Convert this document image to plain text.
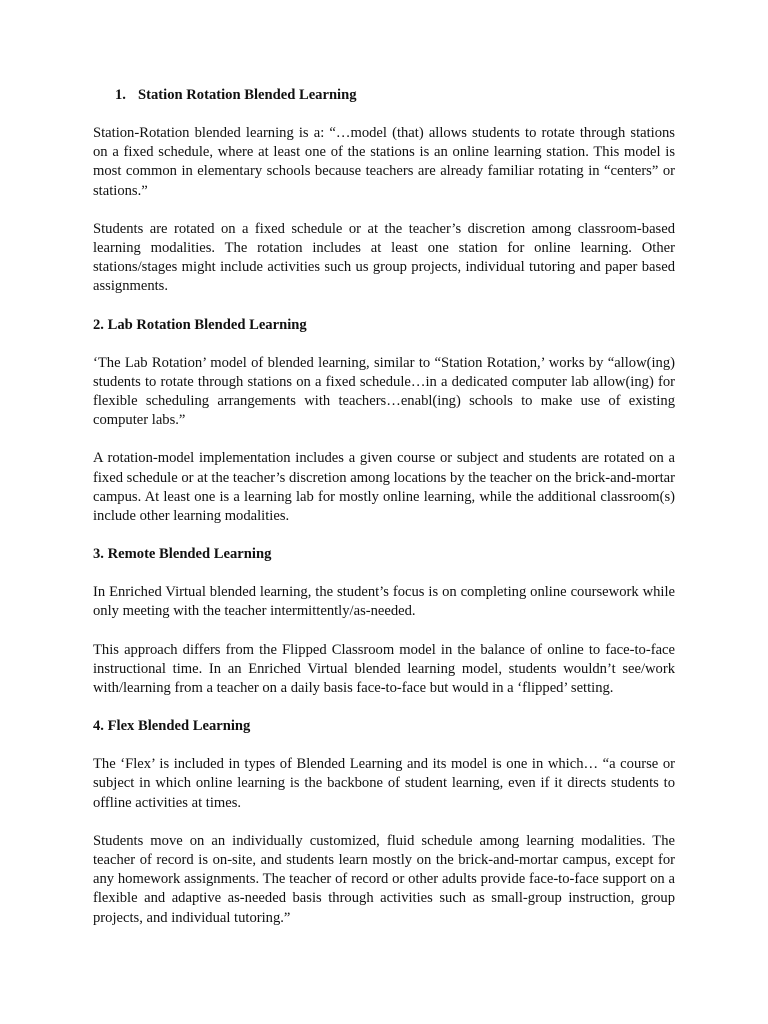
1. Station Rotation Blended Learning

Station-Rotation blended learning is a: “…model (that) allows students to rotate through stations on a fixed schedule, where at least one of the stations is an online learning station. This model is most common in elementary schools because teachers are already familiar rotating in “centers” or stations.”

Students are rotated on a fixed schedule or at the teacher’s discretion among classroom-based learning modalities. The rotation includes at least one station for online learning. Other stations/stages might include activities such us group projects, individual tutoring and paper based assignments.

2. Lab Rotation Blended Learning

‘The Lab Rotation’ model of blended learning, similar to “Station Rotation,’ works by “allow(ing) students to rotate through stations on a fixed schedule…in a dedicated computer lab allow(ing) for flexible scheduling arrangements with teachers…enabl(ing) schools to make use of existing computer labs.”

A rotation-model implementation includes a given course or subject and students are rotated on a fixed schedule or at the teacher’s discretion among locations by the teacher on the brick-and-mortar campus. At least one is a learning lab for mostly online learning, while the additional classroom(s) include other learning modalities.

3. Remote Blended Learning

In Enriched Virtual blended learning, the student’s focus is on completing online coursework while only meeting with the teacher intermittently/as-needed.

This approach differs from the Flipped Classroom model in the balance of online to face-to-face instructional time. In an Enriched Virtual blended learning model, students wouldn’t see/work with/learning from a teacher on a daily basis face-to-face but would in a ‘flipped’ setting.

4. Flex Blended Learning

The ‘Flex’ is included in types of Blended Learning and its model is one in which… “a course or subject in which online learning is the backbone of student learning, even if it directs students to offline activities at times.

Students move on an individually customized, fluid schedule among learning modalities. The teacher of record is on-site, and students learn mostly on the brick-and-mortar campus, except for any homework assignments. The teacher of record or other adults provide face-to-face support on a flexible and adaptive as-needed basis through activities such as small-group instruction, group projects, and individual tutoring.”
